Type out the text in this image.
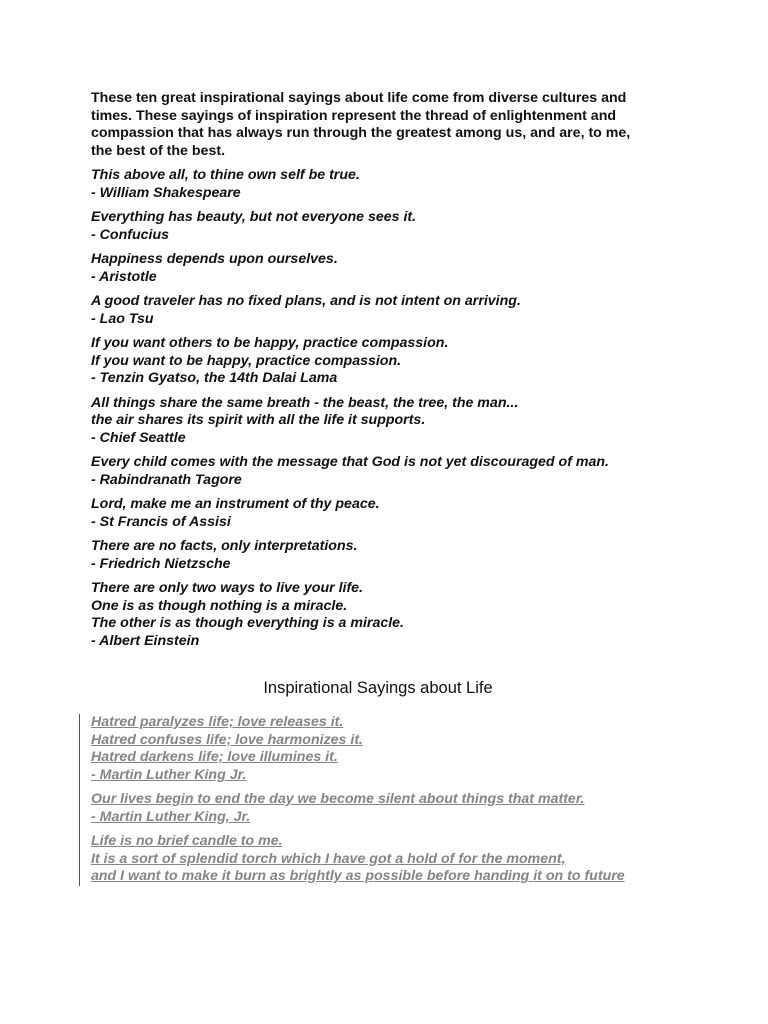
These ten great inspirational sayings about life come from diverse cultures and
times. These sayings of inspiration represent the thread of enlightenment and
compassion that has always run through the greatest among us, and are, to me,
the best of the best.

This above all, to thine own self be true.
- William Shakespeare

Everything has beauty, but not everyone sees it.
- Confucius

Happiness depends upon ourselves.
- Aristotle

A good traveler has no fixed plans, and is not intent on arriving.
- Lao Tsu

If you want others to be happy, practice compassion.
If you want to be happy, practice compassion.
- Tenzin Gyatso, the 14th Dalai Lama

All things share the same breath - the beast, the tree, the man...
the air shares its spirit with all the life it supports.
- Chief Seattle

Every child comes with the message that God is not yet discouraged of man.
- Rabindranath Tagore

Lord, make me an instrument of thy peace.
- St Francis of Assisi

There are no facts, only interpretations.
- Friedrich Nietzsche

There are only two ways to live your life.
One is as though nothing is a miracle.
The other is as though everything is a miracle.
- Albert Einstein

Inspirational Sayings about Life

Hatred paralyzes life; love releases it.
Hatred confuses life; love harmonizes it.
Hatred darkens life; love illumines it.
- Martin Luther King Jr.

Our lives begin to end the day we become silent about things that matter.
- Martin Luther King, Jr.

Life is no brief candle to me.
It is a sort of splendid torch which I have got a hold of for the moment,
and I want to make it burn as brightly as possible before handing it on to future
